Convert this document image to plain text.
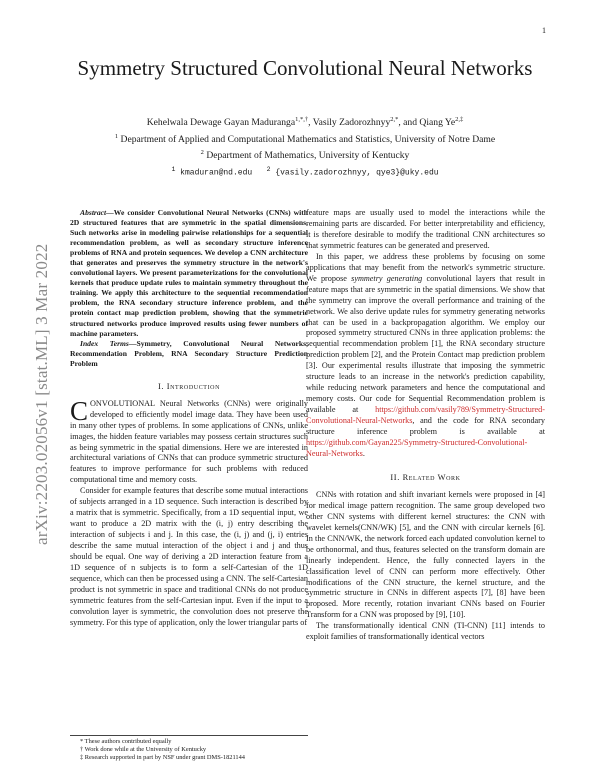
1
arXiv:2203.02056v1 [stat.ML] 3 Mar 2022
Symmetry Structured Convolutional Neural Networks
Kehelwala Dewage Gayan Maduranga$^{1,*,\dagger}$, Vasily Zadorozhnyy$^{2,*}$, and Qiang $Ye^{2,\ddagger}$
$^1$ Department of Applied and Computational Mathematics and Statistics, University of Notre Dame
$^2$ Department of Mathematics, University of Kentucky
$^1$ kmaduran@nd.edu $^2$ {vasily.zadorozhnyy, qye3}@uky.edu

Abstract—We consider Convolutional Neural Networks (CNNs) with 2D structured features that are symmetric in the spatial dimensions. Such networks arise in modeling pairwise relationships for a sequential recommendation problem, as well as secondary structure inference problems of RNA and protein sequences. We develop a CNN architecture that generates and preserves the symmetry structure in the network's convolutional layers. We present parameterizations for the convolutional kernels that produce update rules to maintain symmetry throughout the training. We apply this architecture to the sequential recommendation problem, the RNA secondary structure inference problem, and the protein contact map prediction problem, showing that the symmetric structured networks produce improved results using fewer numbers of machine parameters.

Index Terms—Symmetry, Convolutional Neural Networks, Recommendation Problem, RNA Secondary Structure Prediction Problem

I. Introduction

CONVOLUTIONAL Neural Networks (CNNs) were originally developed to efficiently model image data. They have been used in many other types of problems. In some applications of CNNs, unlike images, the hidden feature variables may possess certain structures such as being symmetric in the spatial dimensions. Here we are interested in architectural variations of CNNs that can produce symmetric structured features to improve performance for such problems with reduced computational time and memory costs.

Consider for example features that describe some mutual interactions of subjects arranged in a 1D sequence. Such interaction is described by a matrix that is symmetric. Specifically, from a 1D sequential input, we want to produce a 2D matrix with the (i, j) entry describing the interaction of subjects i and j. In this case, the (i, j) and (j, i) entries describe the same mutual interaction of the object i and j and thus should be equal. One way of deriving a 2D interaction feature from a 1D sequence of n subjects is to form a self-Cartesian of the 1D sequence, which can then be processed using a CNN. The self-Cartesian product is not symmetric in space and traditional CNNs do not produce symmetric features from the self-Cartesian input. Even if the input to a convolution layer is symmetric, the convolution does not preserve the symmetry. For this type of application, only the lower triangular parts of

feature maps are usually used to model the interactions while the remaining parts are discarded. For better interpretability and efficiency, it is therefore desirable to modify the traditional CNN architectures so that symmetric features can be generated and preserved.

In this paper, we address these problems by focusing on some applications that may benefit from the network's symmetric structure. We propose symmetry generating convolutional layers that result in feature maps that are symmetric in the spatial dimensions. We show that the symmetry can improve the overall performance and training of the network. We also derive update rules for symmetry generating networks that can be used in a backpropagation algorithm. We employ our proposed symmetry structured CNNs in three application problems: the sequential recommendation problem [1], the RNA secondary structure prediction problem [2], and the Protein Contact map prediction problem [3]. Our experimental results illustrate that imposing the symmetric structure leads to an increase in the network's prediction capability, while reducing network parameters and hence the computational and memory costs. Our code for Sequential Recommendation problem is available at https://github.com/vasily789/Symmetry-Structured-Convolutional-Neural-Networks, and the code for RNA secondary structure inference problem is available at https://github.com/Gayan225/Symmetry-Structured-Convolutional-Neural-Networks.

II. Related Work

CNNs with rotation and shift invariant kernels were proposed in [4] for medical image pattern recognition. The same group developed two other CNN systems with different kernel structures: the CNN with wavelet kernels(CNN/WK) [5], and the CNN with circular kernels [6]. In the CNN/WK, the network forced each updated convolution kernel to be orthonormal, and thus, features selected on the transform domain are linearly independent. Hence, the fully connected layers in the classification level of CNN can perform more effectively. Other modifications of the CNN structure, the kernel structure, and the symmetric structure in CNNs in different aspects [7], [8] have been proposed. More recently, rotation invariant CNNs based on Fourier Transform for a CNN was proposed by [9], [10].

The transformationally identical CNN (TI-CNN) [11] intends to exploit families of transformationally identical vectors

* These authors contributed equally
† Work done while at the University of Kentucky
‡ Research supported in part by NSF under grant DMS-1821144
